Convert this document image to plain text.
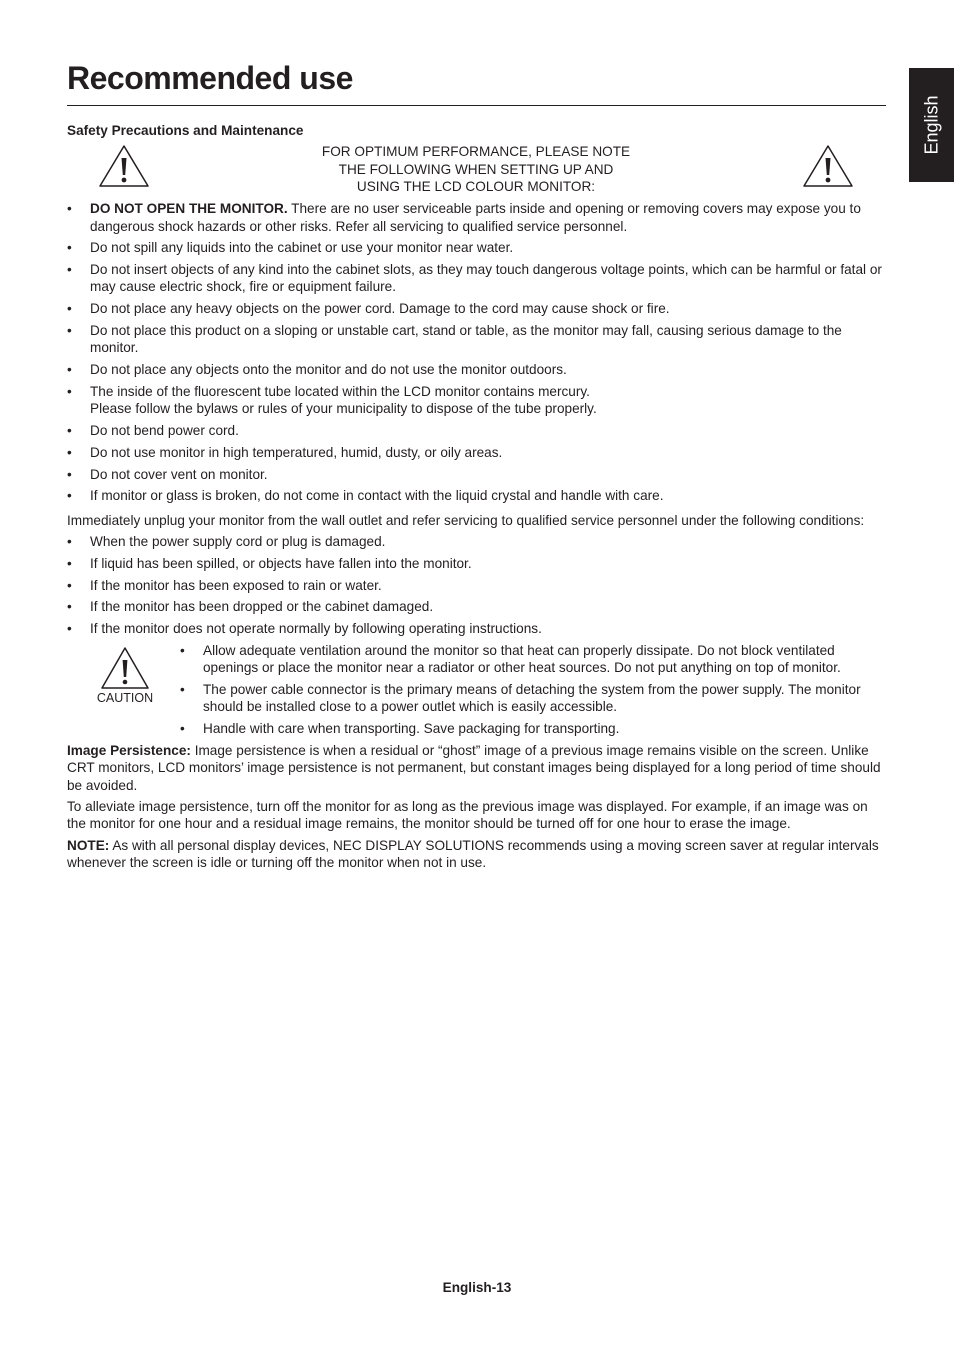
Recommended use
English
Safety Precautions and Maintenance
FOR OPTIMUM PERFORMANCE, PLEASE NOTE
THE FOLLOWING WHEN SETTING UP AND
USING THE LCD COLOUR MONITOR:
• DO NOT OPEN THE MONITOR. There are no user serviceable parts inside and opening or removing covers may expose you to dangerous shock hazards or other risks. Refer all servicing to qualified service personnel.
• Do not spill any liquids into the cabinet or use your monitor near water.
• Do not insert objects of any kind into the cabinet slots, as they may touch dangerous voltage points, which can be harmful or fatal or may cause electric shock, fire or equipment failure.
• Do not place any heavy objects on the power cord. Damage to the cord may cause shock or fire.
• Do not place this product on a sloping or unstable cart, stand or table, as the monitor may fall, causing serious damage to the monitor.
• Do not place any objects onto the monitor and do not use the monitor outdoors.
• The inside of the fluorescent tube located within the LCD monitor contains mercury.
Please follow the bylaws or rules of your municipality to dispose of the tube properly.
• Do not bend power cord.
• Do not use monitor in high temperatured, humid, dusty, or oily areas.
• Do not cover vent on monitor.
• If monitor or glass is broken, do not come in contact with the liquid crystal and handle with care.

Immediately unplug your monitor from the wall outlet and refer servicing to qualified service personnel under the following conditions:

• When the power supply cord or plug is damaged.
• If liquid has been spilled, or objects have fallen into the monitor.
• If the monitor has been exposed to rain or water.
• If the monitor has been dropped or the cabinet damaged.
• If the monitor does not operate normally by following operating instructions.
CAUTION
• Allow adequate ventilation around the monitor so that heat can properly dissipate. Do not block ventilated openings or place the monitor near a radiator or other heat sources. Do not put anything on top of monitor.
• The power cable connector is the primary means of detaching the system from the power supply. The monitor should be installed close to a power outlet which is easily accessible.
• Handle with care when transporting. Save packaging for transporting.

Image Persistence: Image persistence is when a residual or “ghost” image of a previous image remains visible on the screen. Unlike CRT monitors, LCD monitors’ image persistence is not permanent, but constant images being displayed for a long period of time should be avoided.

To alleviate image persistence, turn off the monitor for as long as the previous image was displayed. For example, if an image was on the monitor for one hour and a residual image remains, the monitor should be turned off for one hour to erase the image.

NOTE: As with all personal display devices, NEC DISPLAY SOLUTIONS recommends using a moving screen saver at regular intervals whenever the screen is idle or turning off the monitor when not in use.

English-13
